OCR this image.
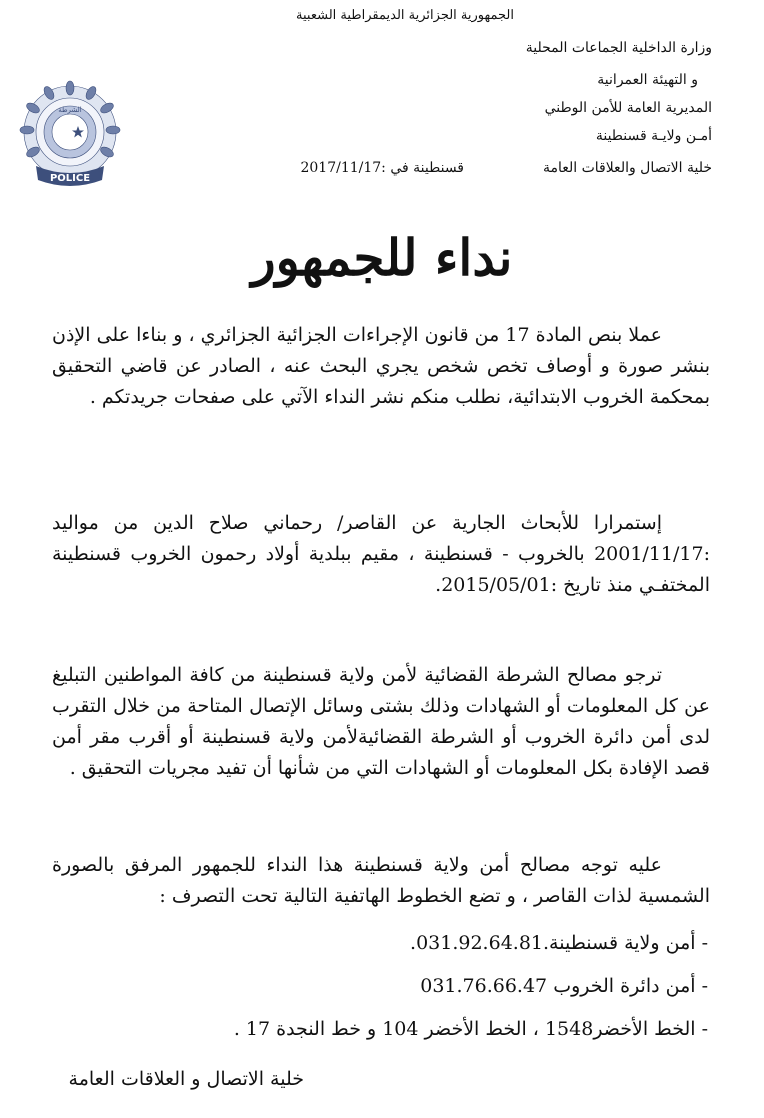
الجمهورية الجزائرية الديمقراطية الشعبية
وزارة الداخلية الجماعات المحلية
و التهيئة العمرانية
المديرية العامة للأمن الوطني
أمـن ولايـة قسنطينة
خلية الاتصال والعلاقات العامة
قسنطينة في :2017/11/17
الشرطة
POLICE
نداء للجمهور
عملا بنص المادة 17 من قانون الإجراءات الجزائية الجزائري ، و بناءا على الإذن بنشر صورة و أوصاف تخص شخص يجري البحث عنه ، الصادر عن قاضي التحقيق بمحكمة الخروب الابتدائية، نطلب منكم نشر النداء الآتي على صفحات جريدتكم .
إستمرارا للأبحاث الجارية عن القاصر/ رحماني صلاح الدين من مواليد :2001/11/17 بالخروب - قسنطينة ، مقيم ببلدية أولاد رحمون الخروب قسنطينة المختفـي منذ تاريخ :2015/05/01.
ترجو مصالح الشرطة القضائية لأمن ولاية قسنطينة من كافة المواطنين التبليغ عن كل المعلومات أو الشهادات وذلك بشتى وسائل الإتصال المتاحة من خلال التقرب لدى أمن دائرة الخروب أو الشرطة القضائيةلأمن ولاية قسنطينة أو أقرب مقر أمن قصد الإفادة بكل المعلومات أو الشهادات التي من شأنها أن تفيد مجريات التحقيق .
عليه توجه مصالح أمن ولاية قسنطينة هذا النداء للجمهور المرفق بالصورة الشمسية لذات القاصر ، و تضع الخطوط الهاتفية التالية تحت التصرف :
- أمن ولاية قسنطينة.031.92.64.81.
- أمن دائرة الخروب 031.76.66.47
- الخط الأخضر1548 ، الخط الأخضر 104 و خط النجدة 17 .
خلية الاتصال و العلاقات العامة
